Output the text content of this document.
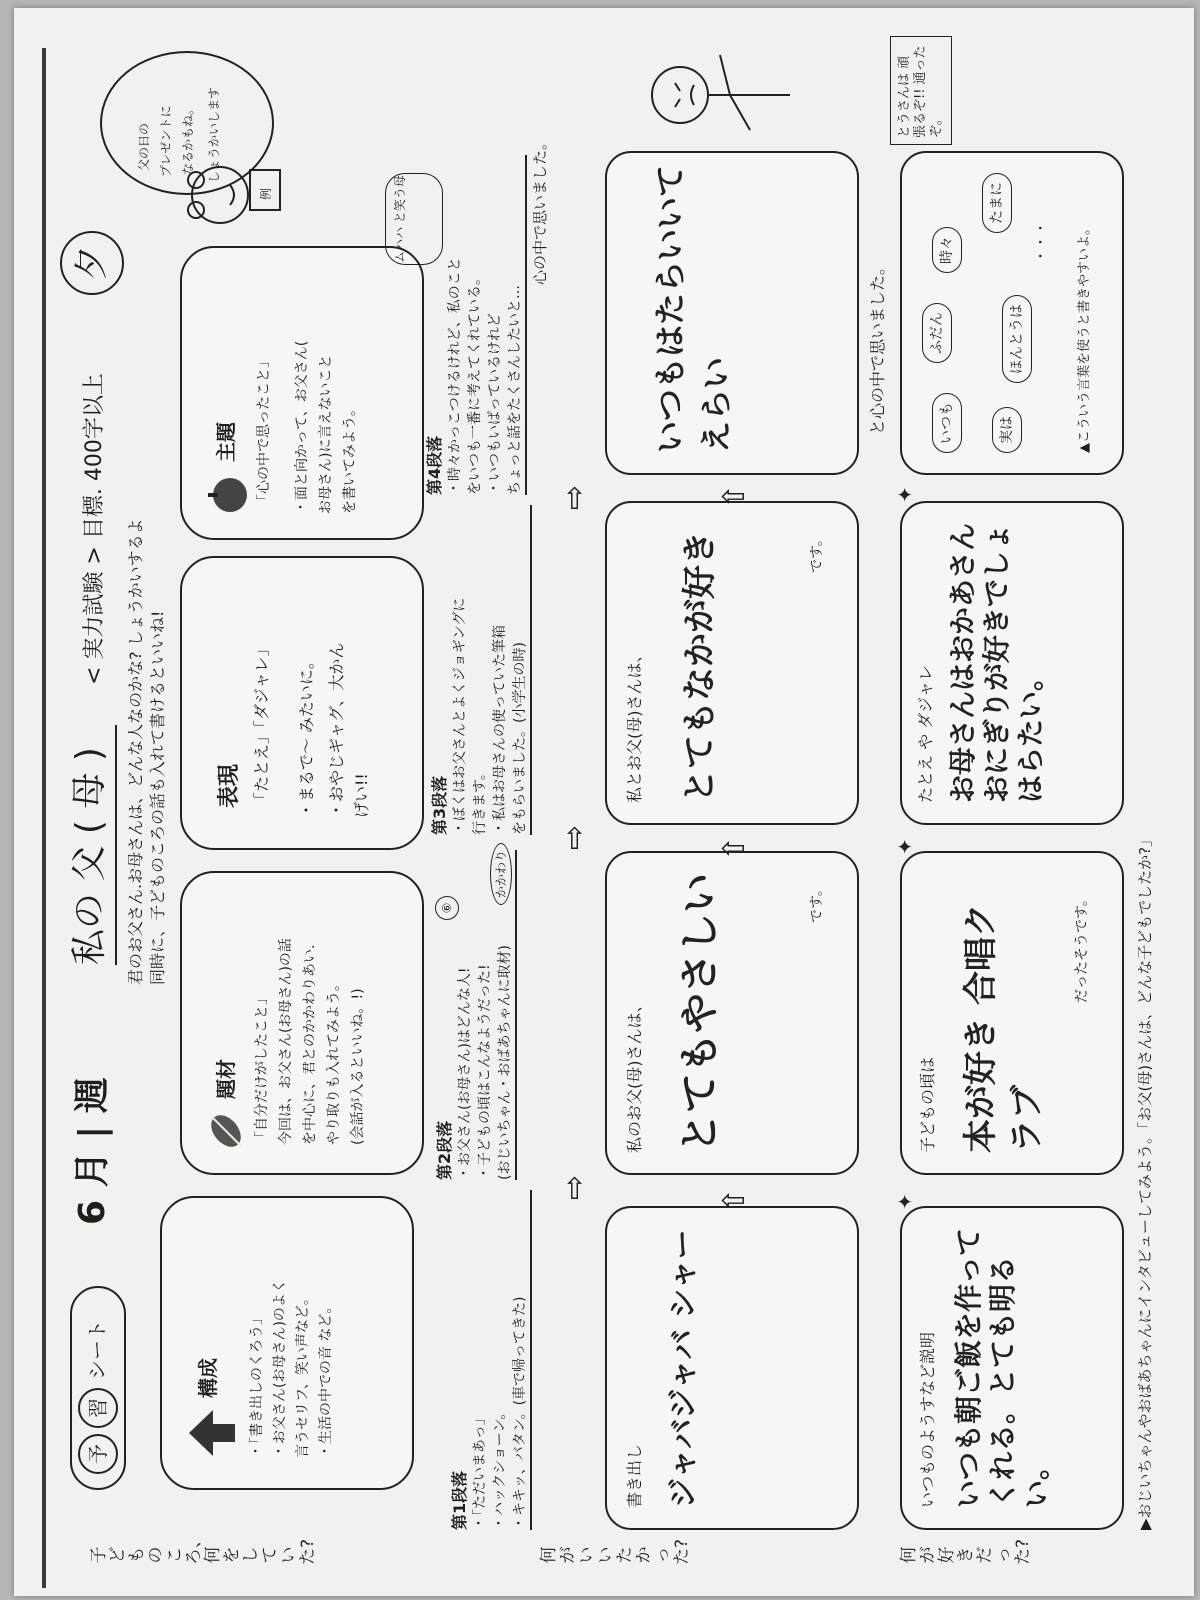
予
習
シート
6 月 | 週
私の 父 ( 母 )
< 実力試験 > 目標. 400字以上
夕
君のお父さん.お母さんは、どんな人なのかな? しょうかいするよ 同時に、子どものころの話も入れて書けるといいね!
構成 ・「書き出しのくろう」 ・お父さん(お母さん)のよく 言うセリフ、笑い声など。 ・生活の中での音 など。
題材 「自分だけがしたこと」 今回は、お父さん(お母さん)の話 を中心に、君とのかかわりあい. やり取りも入れてみよう。 (会話が入るといいね。!)
表現 「たとえ」「ダジャレ」 ・まるで〜 みたいに。 ・おやじギャグ、大かん げい!!
主題 「心の中で思ったこと」 ・面と向かって、お父さん( お母さん)に言えないこと を書いてみよう。
例
父の日の プレゼントに なるかもね。 しょうかいします
子どものころ、何をしていた?	何がいいたかった?	何が好きだった?
第1段落 ・「ただいまあっ」 ・ハックショーン。 ・キキッ、バタン。(車で帰ってきた)
第2段落 ・お父さん(お母さん)はどんな人! ・子どもの頃はこんなようだった! (おじいちゃん・おばあちゃんに取材)
⑥
第3段落 ・ぼくはお父さんとよくジョギングに 行きます。 ・私はお母さんの使っていた筆箱 をもらいました。(小学生の時)
かかわり
第4段落 ・時々かっこつけるけれど、私のこと をいつも一番に考えてくれている。 ・いつもいばっているけれど ちょっと話をたくさんしたいと…
ムハハ と笑う母	心の中で思いました。
⇨
⇨
⇨
書き出し ジャバジャバ シャー
私のお父(母)さんは、 とてもやさしい	です。
私とお父(母)さんは、 とてもなかが好き	です。
いつもはたらいいてえらい	と心の中で思いました。
⇧
⇧
⇧
いつものようすなど説明 いつも朝ご飯を作ってくれる。とても明るい。
子どもの頃は 本が好き 合唱クラブ
だったそうです。
たとえ や ダジャレ お母さんはおかあさん おにぎりが好きでしょ はらたい。
いつも
ふだん
時々
たまに
実は
ほんとうは
・・・ ▲こういう言葉を使うと書きやすいよ。
とうさんは 頑張るぞ!! 通ったぞ。
✦
✦
✦
▶おじいちゃんやおばあちゃんにインタビューしてみよう。「お父(母)さんは、どんな子どもでしたか?」
